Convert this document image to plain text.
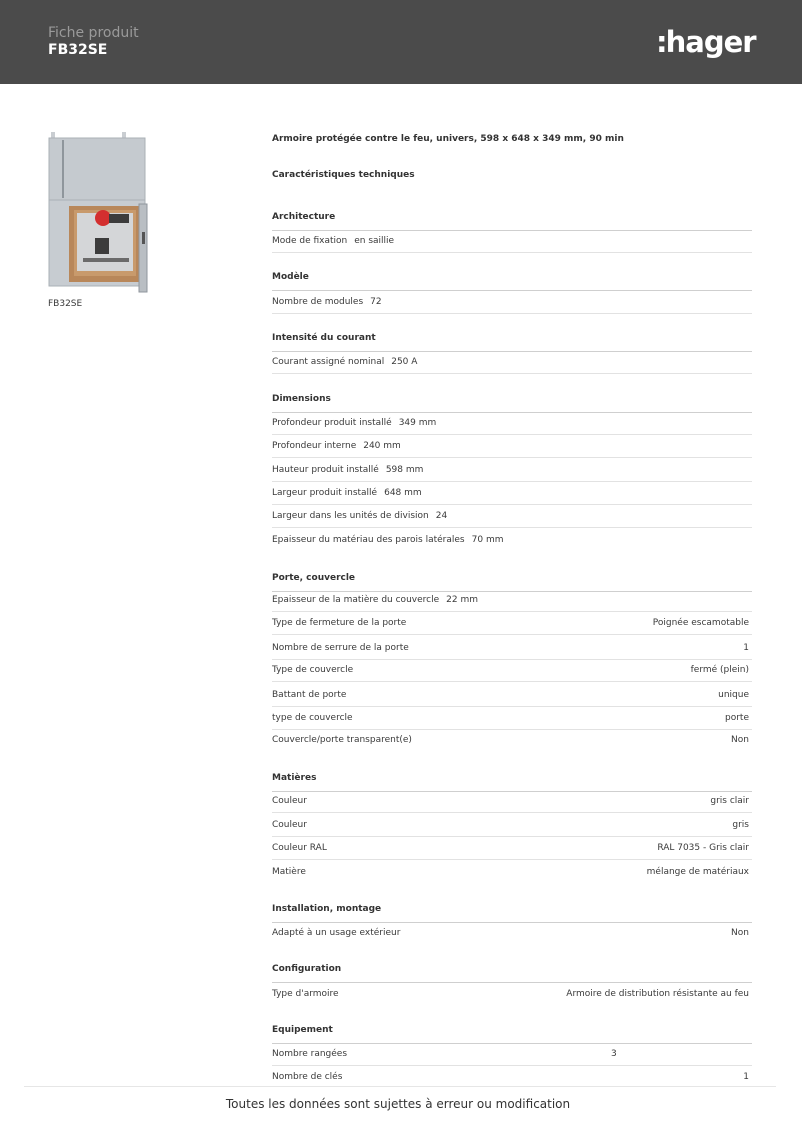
Fiche produit
FB32SE	:hager
FB32SE
Armoire protégée contre le feu, univers, 598 x 648 x 349 mm, 90 min
Caractéristiques techniques
Architecture
Mode de fixation en saillie
Modèle
Nombre de modules 72
Intensité du courant
Courant assigné nominal 250 A
Dimensions
Profondeur produit installé 349 mm
Profondeur interne 240 mm
Hauteur produit installé 598 mm
Largeur produit installé 648 mm
Largeur dans les unités de division 24
Epaisseur du matériau des parois latérales 70 mm
Porte, couvercle
Epaisseur de la matière du couvercle 22 mm
Type de fermeture de la porte	Poignée escamotable
Nombre de serrure de la porte	1
Type de couvercle	fermé (plein)
Battant de porte	unique
type de couvercle	porte
Couvercle/porte transparent(e)	Non
Matières
Couleur	gris clair
Couleur	gris
Couleur RAL	RAL 7035 - Gris clair
Matière	mélange de matériaux
Installation, montage
Adapté à un usage extérieur	Non
Configuration
Type d'armoire	Armoire de distribution résistante au feu
Equipement
Nombre rangées	3
Nombre de clés	1
Toutes les données sont sujettes à erreur ou modification
